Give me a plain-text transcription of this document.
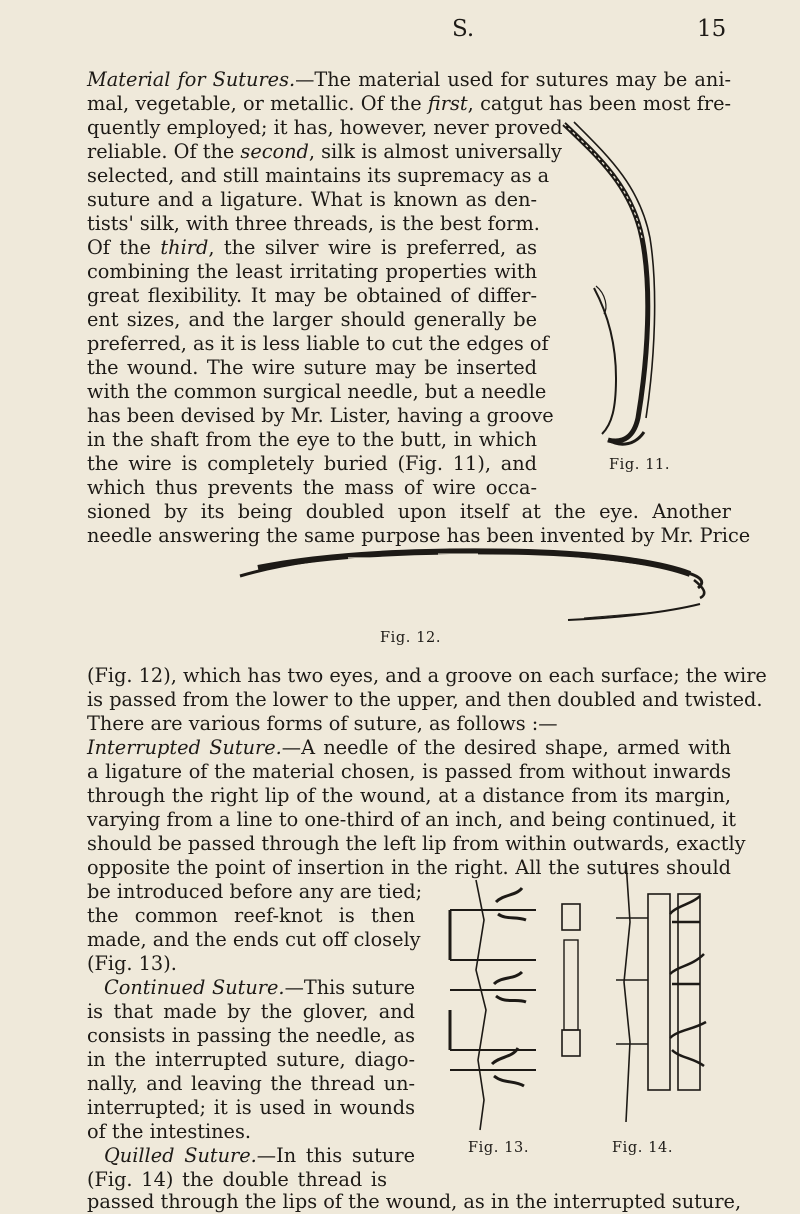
S.	15
Material for Sutures.—The material used for sutures may be ani-
mal, vegetable, or metallic. Of the first, catgut has been most fre-
quently employed; it has, however, never proved
reliable. Of the second, silk is almost universally
selected, and still maintains its supremacy as a
suture and a ligature. What is known as den-
tists' silk, with three threads, is the best form.
Of the third, the silver wire is preferred, as
combining the least irritating properties with
great flexibility. It may be obtained of differ-
ent sizes, and the larger should generally be
preferred, as it is less liable to cut the edges of
the wound. The wire suture may be inserted
with the common surgical needle, but a needle
has been devised by Mr. Lister, having a groove
in the shaft from the eye to the butt, in which
the wire is completely buried (Fig. 11), and
which thus prevents the mass of wire occa-
sioned by its being doubled upon itself at the eye. Another
needle answering the same purpose has been invented by Mr. Price
Fig. 11.
Fig. 12.
(Fig. 12), which has two eyes, and a groove on each surface; the wire
is passed from the lower to the upper, and then doubled and twisted.
There are various forms of suture, as follows :—
Interrupted Suture.—A needle of the desired shape, armed with
a ligature of the material chosen, is passed from without inwards
through the right lip of the wound, at a distance from its margin,
varying from a line to one-third of an inch, and being continued, it
should be passed through the left lip from within outwards, exactly
opposite the point of insertion in the right. All the sutures should
be introduced before any are tied;
the common reef-knot is then
made, and the ends cut off closely
(Fig. 13).
Continued Suture.—This suture
is that made by the glover, and
consists in passing the needle, as
in the interrupted suture, diago-
nally, and leaving the thread un-
interrupted; it is used in wounds
of the intestines.
Quilled Suture.—In this suture
(Fig. 14) the double thread is
passed through the lips of the wound, as in the interrupted suture,
Fig. 13.	Fig. 14.
